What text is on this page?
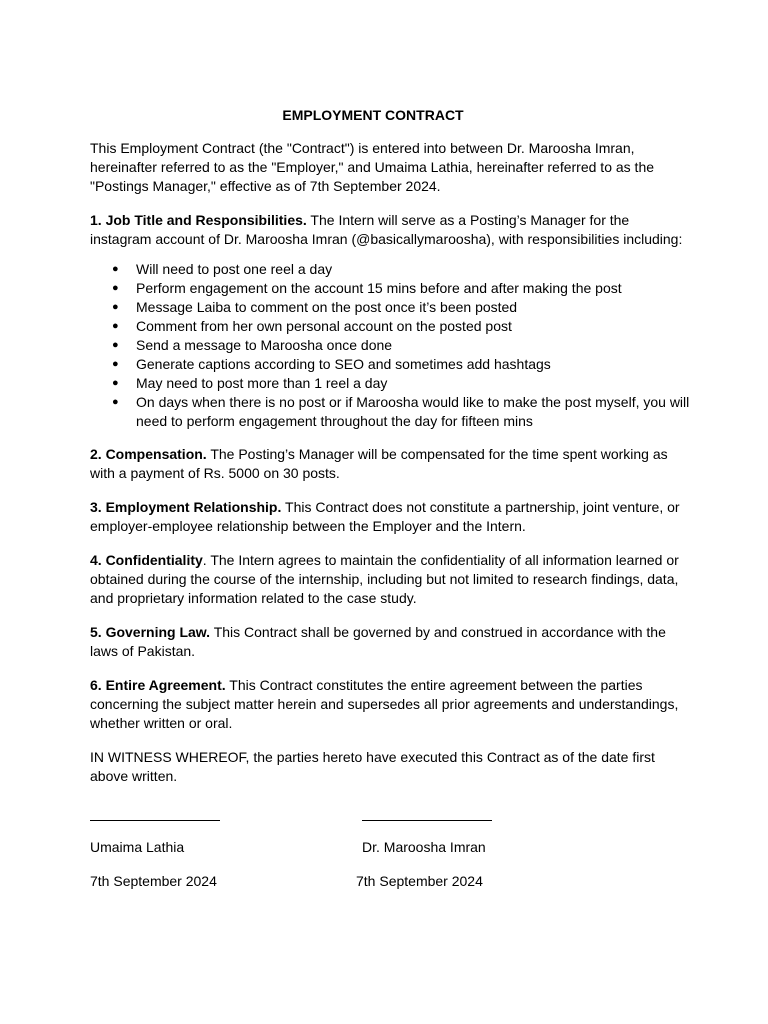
EMPLOYMENT CONTRACT

This Employment Contract (the "Contract") is entered into between Dr. Maroosha Imran, hereinafter referred to as the "Employer," and Umaima Lathia, hereinafter referred to as the "Postings Manager," effective as of 7th September 2024.

1. Job Title and Responsibilities. The Intern will serve as a Posting’s Manager for the instagram account of Dr. Maroosha Imran (@basicallymaroosha), with responsibilities including:

● Will need to post one reel a day
● Perform engagement on the account 15 mins before and after making the post
● Message Laiba to comment on the post once it’s been posted
● Comment from her own personal account on the posted post
● Send a message to Maroosha once done
● Generate captions according to SEO and sometimes add hashtags
● May need to post more than 1 reel a day
● On days when there is no post or if Maroosha would like to make the post myself, you will need to perform engagement throughout the day for fifteen mins

2. Compensation. The Posting’s Manager will be compensated for the time spent working as with a payment of Rs. 5000 on 30 posts.

3. Employment Relationship. This Contract does not constitute a partnership, joint venture, or employer-employee relationship between the Employer and the Intern.

4. Confidentiality. The Intern agrees to maintain the confidentiality of all information learned or obtained during the course of the internship, including but not limited to research findings, data, and proprietary information related to the case study.

5. Governing Law. This Contract shall be governed by and construed in accordance with the laws of Pakistan.

6. Entire Agreement. This Contract constitutes the entire agreement between the parties concerning the subject matter herein and supersedes all prior agreements and understandings, whether written or oral.

IN WITNESS WHEREOF, the parties hereto have executed this Contract as of the date first above written.

Umaima Lathia
7th September 2024
Dr. Maroosha Imran
7th September 2024
